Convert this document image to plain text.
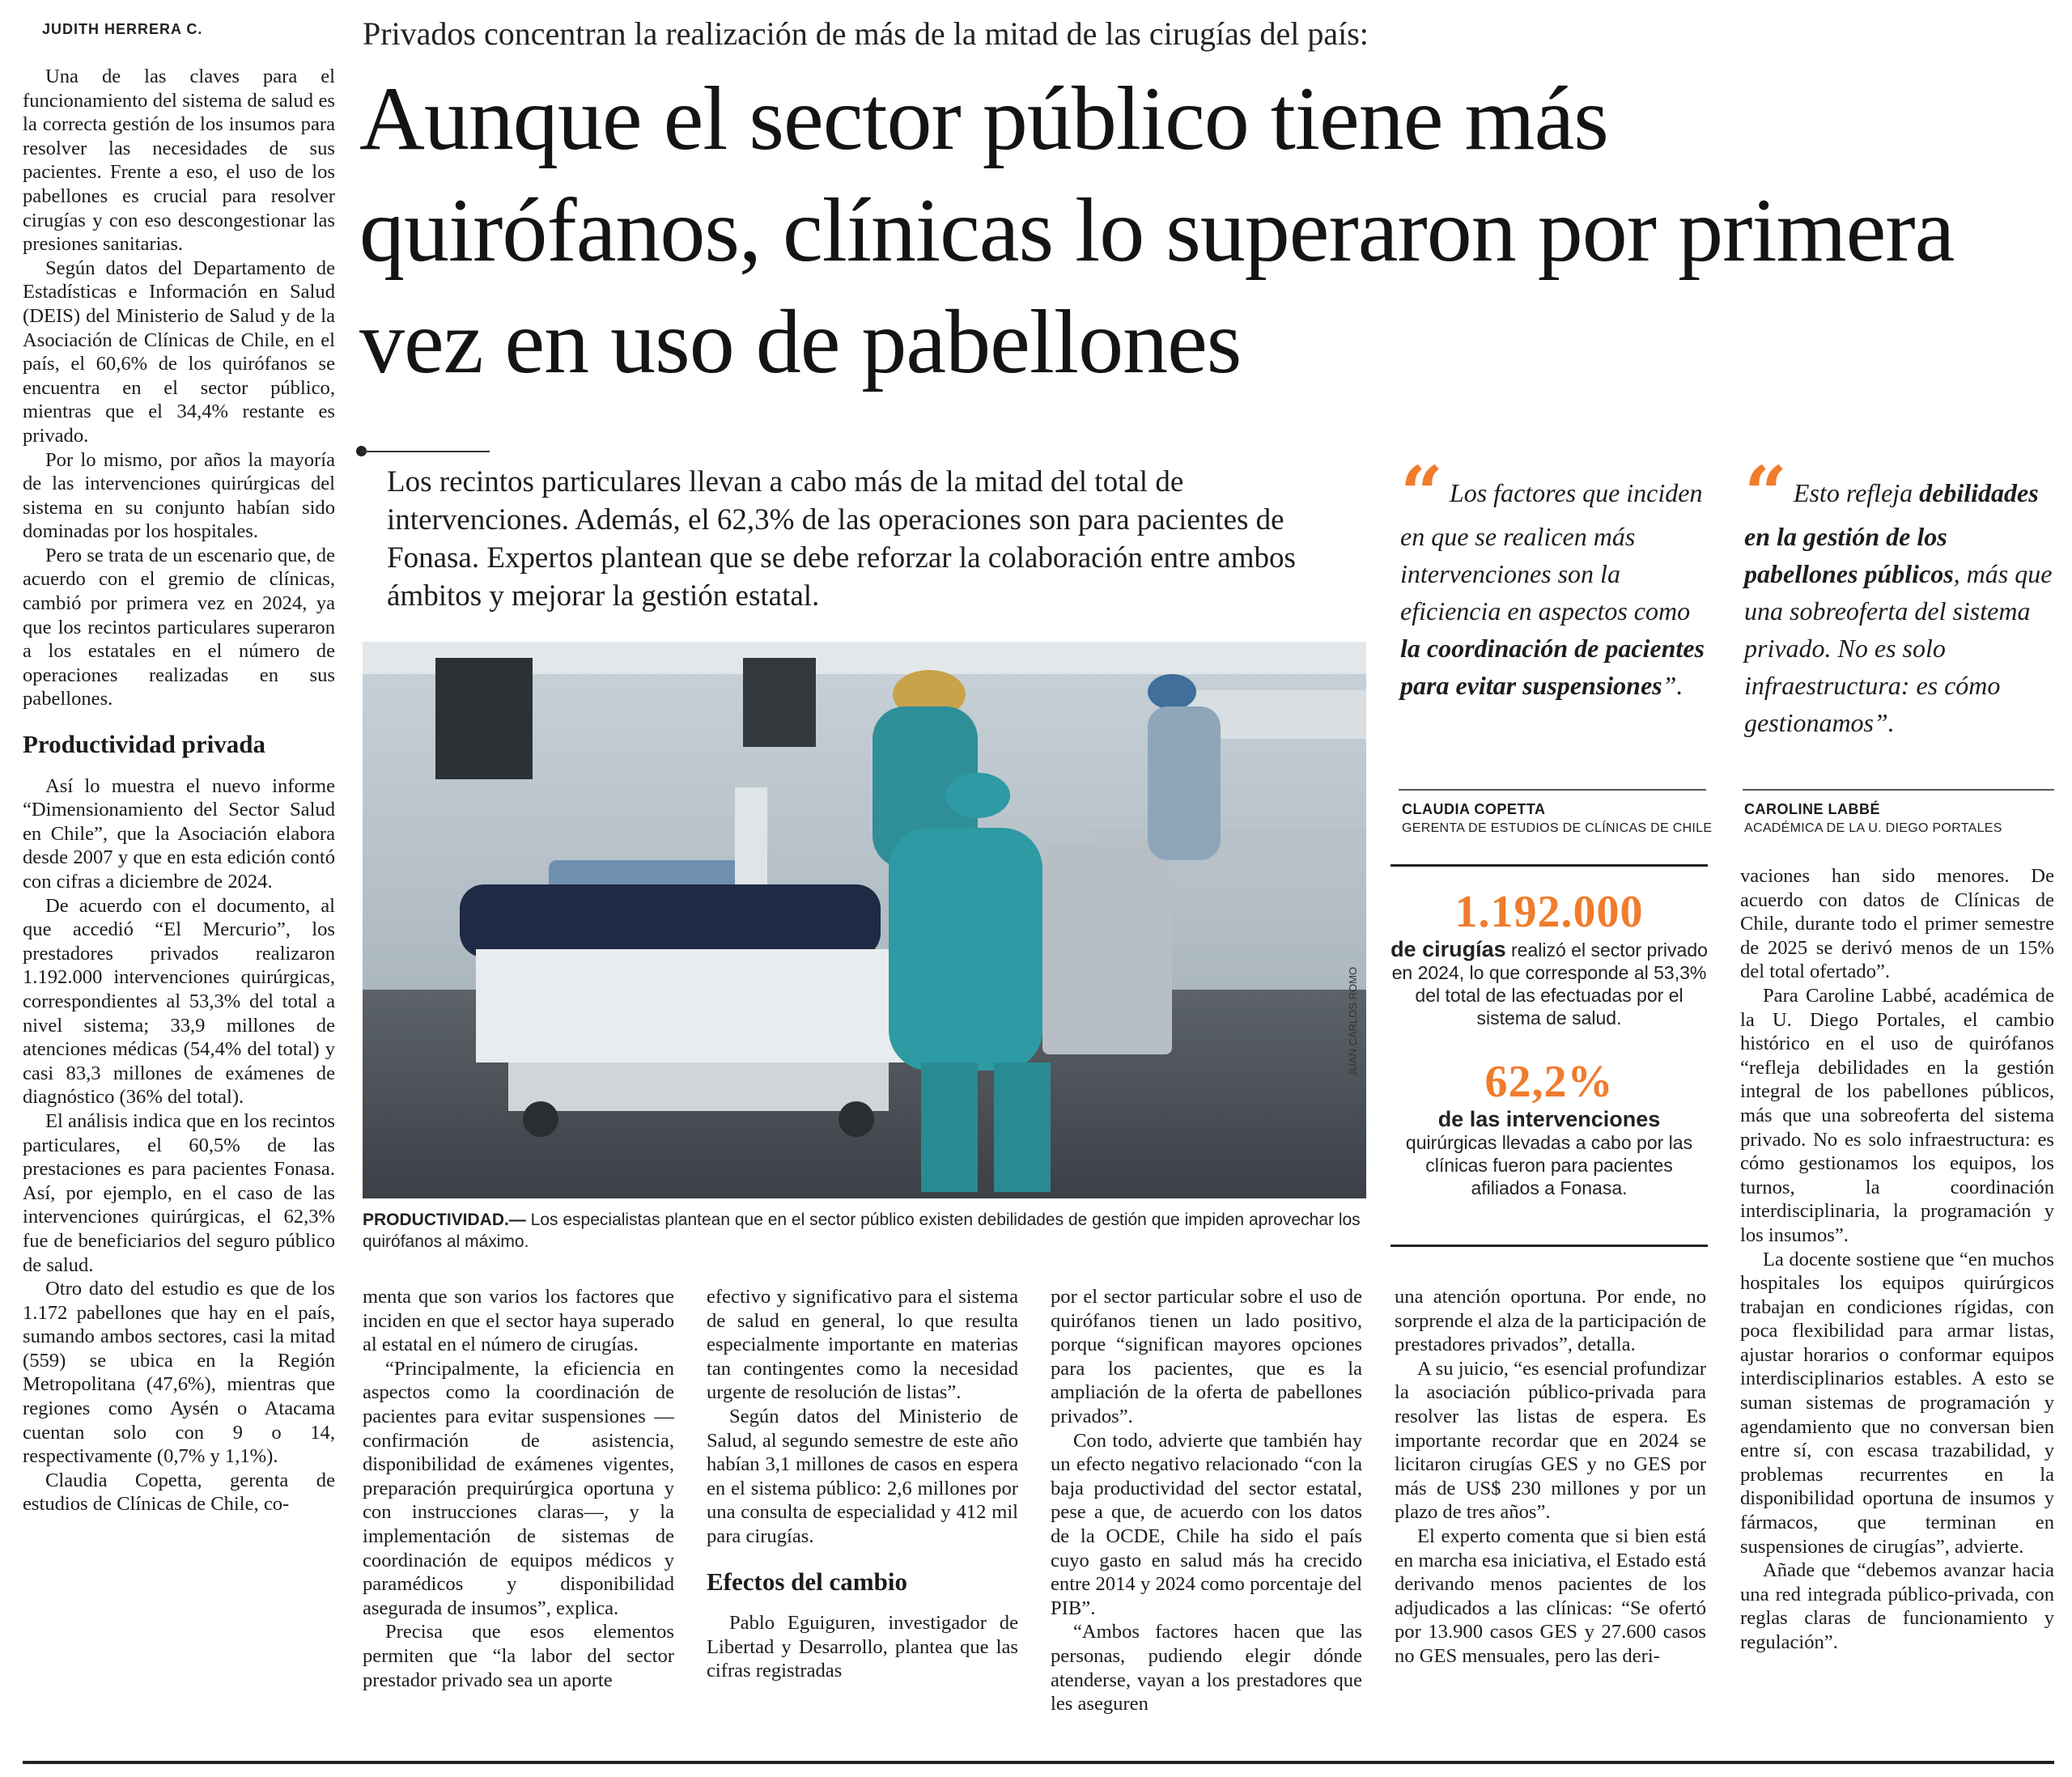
JUDITH HERRERA C.	Privados concentran la realización de más de la mitad de las cirugías del país:
Aunque el sector público tiene más quirófanos, clínicas lo superaron por primera vez en uso de pabellones

Los recintos particulares llevan a cabo más de la mitad del total de intervenciones. Además, el 62,3% de las operaciones son para pacientes de Fonasa. Expertos plantean que se debe reforzar la colaboración entre ambos ámbitos y mejorar la gestión estatal.

Una de las claves para el funcionamiento del sistema de salud es la correcta gestión de los insumos para resolver las necesidades de sus pacientes. Frente a eso, el uso de los pabellones es crucial para resolver cirugías y con eso descongestionar las presiones sanitarias.

Según datos del Departamento de Estadísticas e Información en Salud (DEIS) del Ministerio de Salud y de la Asociación de Clínicas de Chile, en el país, el 60,6% de los quirófanos se encuentra en el sector público, mientras que el 34,4% restante es privado.

Por lo mismo, por años la mayoría de las intervenciones quirúrgicas del sistema en su conjunto habían sido dominadas por los hospitales.

Pero se trata de un escenario que, de acuerdo con el gremio de clínicas, cambió por primera vez en 2024, ya que los recintos particulares superaron a los estatales en el número de operaciones realizadas en sus pabellones.

Productividad privada

Así lo muestra el nuevo informe “Dimensionamiento del Sector Salud en Chile”, que la Asociación elabora desde 2007 y que en esta edición contó con cifras a diciembre de 2024.

De acuerdo con el documento, al que accedió “El Mercurio”, los prestadores privados realizaron 1.192.000 intervenciones quirúrgicas, correspondientes al 53,3% del total a nivel sistema; 33,9 millones de atenciones médicas (54,4% del total) y casi 83,3 millones de exámenes de diagnóstico (36% del total).

El análisis indica que en los recintos particulares, el 60,5% de las prestaciones es para pacientes Fonasa. Así, por ejemplo, en el caso de las intervenciones quirúrgicas, el 62,3% fue de beneficiarios del seguro público de salud.

Otro dato del estudio es que de los 1.172 pabellones que hay en el país, sumando ambos sectores, casi la mitad (559) se ubica en la Región Metropolitana (47,6%), mientras que regiones como Aysén o Atacama cuentan solo con 9 o 14, respectivamente (0,7% y 1,1%).

Claudia Copetta, gerenta de estudios de Clínicas de Chile, co-

JUAN CARLOS ROMO
PRODUCTIVIDAD.— Los especialistas plantean que en el sector público existen debilidades de gestión que impiden aprovechar los quirófanos al máximo.

menta que son varios los factores que inciden en que el sector haya superado al estatal en el número de cirugías.

“Principalmente, la eficiencia en aspectos como la coordinación de pacientes para evitar suspensiones —confirmación de asistencia, disponibilidad de exámenes vigentes, preparación prequirúrgica oportuna y con instrucciones claras—, y la implementación de sistemas de coordinación de equipos médicos y paramédicos y disponibilidad asegurada de insumos”, explica.

Precisa que esos elementos permiten que “la labor del sector prestador privado sea un aporte

efectivo y significativo para el sistema de salud en general, lo que resulta especialmente importante en materias tan contingentes como la necesidad urgente de resolución de listas”.

Según datos del Ministerio de Salud, al segundo semestre de este año habían 3,1 millones de casos en espera en el sistema público: 2,6 millones por una consulta de especialidad y 412 mil para cirugías.

Efectos del cambio

Pablo Eguiguren, investigador de Libertad y Desarrollo, plantea que las cifras registradas

por el sector particular sobre el uso de quirófanos tienen un lado positivo, porque “significan mayores opciones para los pacientes, que es la ampliación de la oferta de pabellones privados”.

Con todo, advierte que también hay un efecto negativo relacionado “con la baja productividad del sector estatal, pese a que, de acuerdo con los datos de la OCDE, Chile ha sido el país cuyo gasto en salud más ha crecido entre 2014 y 2024 como porcentaje del PIB”.

“Ambos factores hacen que las personas, pudiendo elegir dónde atenderse, vayan a los prestadores que les aseguren

una atención oportuna. Por ende, no sorprende el alza de la participación de prestadores privados”, detalla.

A su juicio, “es esencial profundizar la asociación público-privada para resolver las listas de espera. Es importante recordar que en 2024 se licitaron cirugías GES y no GES por más de US$ 230 millones y por un plazo de tres años”.

El experto comenta que si bien está en marcha esa iniciativa, el Estado está derivando menos pacientes de los adjudicados a las clínicas: “Se ofertó por 13.900 casos GES y 27.600 casos no GES mensuales, pero las deri-

“ Los factores que inciden en que se realicen más intervenciones son la eficiencia en aspectos como la coordinación de pacientes para evitar suspensiones”.
CLAUDIA COPETTA
GERENTA DE ESTUDIOS DE CLÍNICAS DE CHILE
“ Esto refleja debilidades en la gestión de los pabellones públicos, más que una sobreoferta del sistema privado. No es solo infraestructura: es cómo gestionamos”.
CAROLINE LABBÉ
ACADÉMICA DE LA U. DIEGO PORTALES
1.192.000
de cirugías realizó el sector privado en 2024, lo que corresponde al 53,3% del total de las efectuadas por el sistema de salud.
62,2%
de las intervenciones quirúrgicas llevadas a cabo por las clínicas fueron para pacientes afiliados a Fonasa.

vaciones han sido menores. De acuerdo con datos de Clínicas de Chile, durante todo el primer semestre de 2025 se derivó menos de un 15% del total ofertado”.

Para Caroline Labbé, académica de la U. Diego Portales, el cambio histórico en el uso de quirófanos “refleja debilidades en la gestión integral de los pabellones públicos, más que una sobreoferta del sistema privado. No es solo infraestructura: es cómo gestionamos los equipos, los turnos, la coordinación interdisciplinaria, la programación y los insumos”.

La docente sostiene que “en muchos hospitales los equipos quirúrgicos trabajan en condiciones rígidas, con poca flexibilidad para armar listas, ajustar horarios o conformar equipos interdisciplinarios estables. A esto se suman sistemas de programación y agendamiento que no conversan bien entre sí, con escasa trazabilidad, y problemas recurrentes en la disponibilidad oportuna de insumos y fármacos, que terminan en suspensiones de cirugías”, advierte.

Añade que “debemos avanzar hacia una red integrada público-privada, con reglas claras de funcionamiento y regulación”.
